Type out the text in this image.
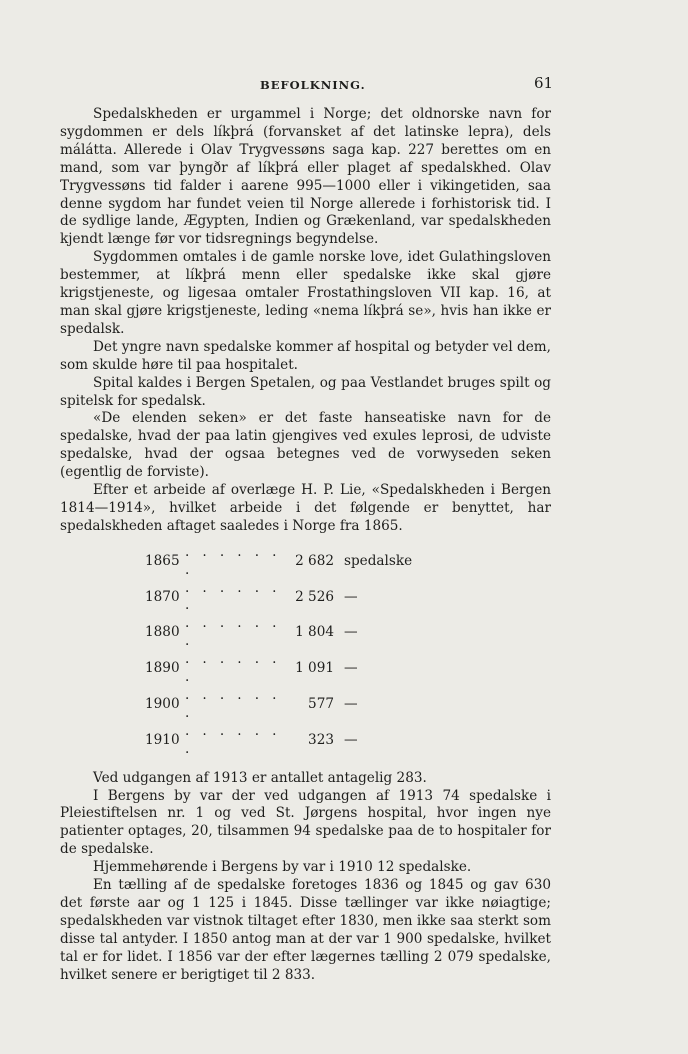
BEFOLKNING.	61

Spedalskheden er urgammel i Norge; det oldnorske navn for sygdommen er dels líkþrá (forvansket af det latinske lepra), dels málátta. Allerede i Olav Trygvessøns saga kap. 227 berettes om en mand, som var þyngðr af líkþrá eller plaget af spedalskhed. Olav Trygvessøns tid falder i aarene 995—1000 eller i vikingetiden, saa denne sygdom har fundet veien til Norge allerede i forhistorisk tid. I de sydlige lande, Ægypten, Indien og Grækenland, var spedalskheden kjendt længe før vor tidsregnings begyndelse.

Sygdommen omtales i de gamle norske love, idet Gulathingsloven bestemmer, at líkþrá menn eller spedalske ikke skal gjøre krigstjeneste, og ligesaa omtaler Frostathingsloven VII kap. 16, at man skal gjøre krigstjeneste, leding «nema líkþrá se», hvis han ikke er spedalsk.

Det yngre navn spedalske kommer af hospital og betyder vel dem, som skulde høre til paa hospitalet.

Spital kaldes i Bergen Spetalen, og paa Vestlandet bruges spilt og spitelsk for spedalsk.

«De elenden seken» er det faste hanseatiske navn for de spedalske, hvad der paa latin gjengives ved exules leprosi, de udviste spedalske, hvad der ogsaa betegnes ved de vorwyseden seken (egentlig de forviste).

Efter et arbeide af overlæge H. P. Lie, «Spedalskheden i Bergen 1814—1914», hvilket arbeide i det følgende er benyttet, har spedalskheden aftaget saaledes i Norge fra 1865.

1865	. . . . . . .	2 682	spedalske
1870	. . . . . . .	2 526	—
1880	. . . . . . .	1 804	—
1890	. . . . . . .	1 091	—
1900	. . . . . . .	577	—
1910	. . . . . . .	323	—

Ved udgangen af 1913 er antallet antagelig 283.

I Bergens by var der ved udgangen af 1913 74 spedalske i Pleiestiftelsen nr. 1 og ved St. Jørgens hospital, hvor ingen nye patienter optages, 20, tilsammen 94 spedalske paa de to hospitaler for de spedalske.

Hjemmehørende i Bergens by var i 1910 12 spedalske.

En tælling af de spedalske foretoges 1836 og 1845 og gav 630 det første aar og 1 125 i 1845. Disse tællinger var ikke nøiagtige; spedalskheden var vistnok tiltaget efter 1830, men ikke saa sterkt som disse tal antyder. I 1850 antog man at der var 1 900 spedalske, hvilket tal er for lidet. I 1856 var der efter lægernes tælling 2 079 spedalske, hvilket senere er berigtiget til 2 833.
